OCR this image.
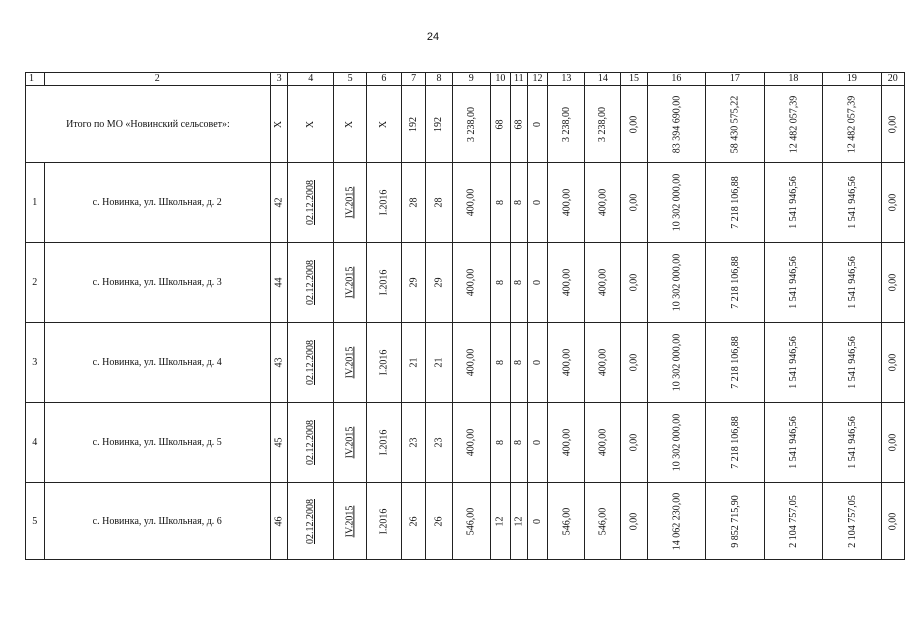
24
1	2	3	4	5	6	7	8	9	10	11	12	13	14	15	16	17	18	19	20
Итого по МО «Новинский сельсовет»:		Х	Х	Х	Х	192	192	3 238,00	68	68	0	3 238,00	3 238,00	0,00	83 394 690,00	58 430 575,22	12 482 057,39	12 482 057,39	0,00
1	с. Новинка, ул. Школьная, д. 2	42	02.12.2008	IV.2015	I.2016	28	28	400,00	8	8	0	400,00	400,00	0,00	10 302 000,00	7 218 106,88	1 541 946,56	1 541 946,56	0,00
2	с. Новинка, ул. Школьная, д. 3	44	02.12.2008	IV.2015	I.2016	29	29	400,00	8	8	0	400,00	400,00	0,00	10 302 000,00	7 218 106,88	1 541 946,56	1 541 946,56	0,00
3	с. Новинка, ул. Школьная, д. 4	43	02.12.2008	IV.2015	I.2016	21	21	400,00	8	8	0	400,00	400,00	0,00	10 302 000,00	7 218 106,88	1 541 946,56	1 541 946,56	0,00
4	с. Новинка, ул. Школьная, д. 5	45	02.12.2008	IV.2015	I.2016	23	23	400,00	8	8	0	400,00	400,00	0,00	10 302 000,00	7 218 106,88	1 541 946,56	1 541 946,56	0,00
5	с. Новинка, ул. Школьная, д. 6	46	02.12.2008	IV.2015	I.2016	26	26	546,00	12	12	0	546,00	546,00	0,00	14 062 230,00	9 852 715,90	2 104 757,05	2 104 757,05	0,00
